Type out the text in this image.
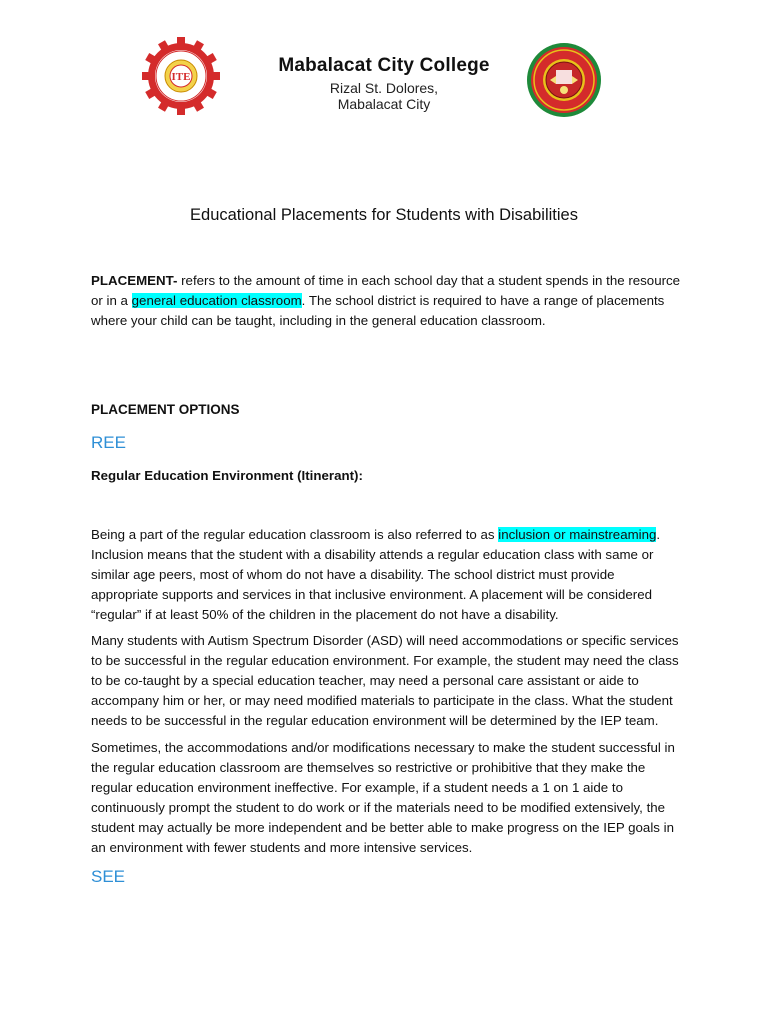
ITE

Mabalacat City College

Rizal St. Dolores,

Mabalacat City

Educational Placements for Students with Disabilities

PLACEMENT- refers to the amount of time in each school day that a student spends in the resource or in a general education classroom. The school district is required to have a range of placements where your child can be taught, including in the general education classroom.

PLACEMENT OPTIONS

REE

Regular Education Environment (Itinerant):

Being a part of the regular education classroom is also referred to as inclusion or mainstreaming. Inclusion means that the student with a disability attends a regular education class with same or similar age peers, most of whom do not have a disability. The school district must provide appropriate supports and services in that inclusive environment. A placement will be considered “regular” if at least 50% of the children in the placement do not have a disability.

Many students with Autism Spectrum Disorder (ASD) will need accommodations or specific services to be successful in the regular education environment. For example, the student may need the class to be co-taught by a special education teacher, may need a personal care assistant or aide to accompany him or her, or may need modified materials to participate in the class. What the student needs to be successful in the regular education environment will be determined by the IEP team.

Sometimes, the accommodations and/or modifications necessary to make the student successful in the regular education classroom are themselves so restrictive or prohibitive that they make the regular education environment ineffective. For example, if a student needs a 1 on 1 aide to continuously prompt the student to do work or if the materials need to be modified extensively, the student may actually be more independent and be better able to make progress on the IEP goals in an environment with fewer students and more intensive services.

SEE
